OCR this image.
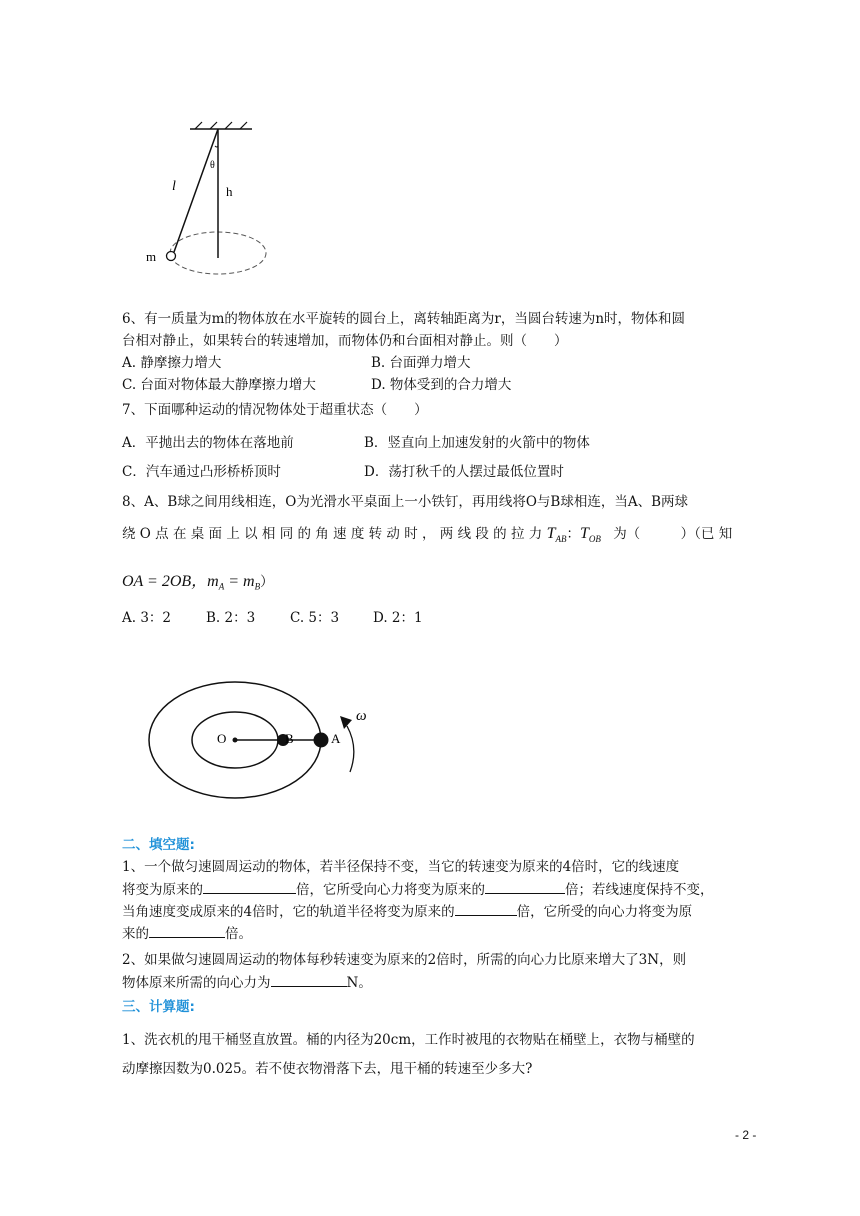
l
θ
h
m
6、有一质量为m的物体放在水平旋转的圆台上，离转轴距离为r，当圆台转速为n时，物体和圆
台相对静止，如果转台的转速增加，而物体仍和台面相对静止。则（　　）
A. 静摩擦力增大	B. 台面弹力增大
C. 台面对物体最大静摩擦力增大	D. 物体受到的合力增大
7、下面哪种运动的情况物体处于超重状态（　　）
A．平抛出去的物体在落地前	B．竖直向上加速发射的火箭中的物体
C．汽车通过凸形桥桥顶时	D．荡打秋千的人摆过最低位置时
8、A、B球之间用线相连，O为光滑水平桌面上一小铁钉，再用线将O与B球相连，当A、B两球
绕 O 点 在 桌 面 上 以 相 同 的 角 速 度 转 动 时 ， 两 线 段 的 拉 力 $T_{AB}$：$T_{OB}$ 为（　　　）（已 知
OA = 2OB，$m_A = m_B$）
A. 3：2	B. 2：3	C. 5：3	D. 2：1
O	B	A
ω
二、填空题:
1、一个做匀速圆周运动的物体，若半径保持不变，当它的转速变为原来的4倍时，它的线速度
将变为原来的	倍，它所受向心力将变为原来的	倍；若线速度保持不变，
当角速度变成原来的4倍时，它的轨道半径将变为原来的	倍，它所受的向心力将变为原
来的	倍。
2、如果做匀速圆周运动的物体每秒转速变为原来的2倍时，所需的向心力比原来增大了3N，则
物体原来所需的向心力为	N。
三、计算题:
1、洗衣机的甩干桶竖直放置。桶的内径为20cm，工作时被甩的衣物贴在桶壁上，衣物与桶壁的
动摩擦因数为0.025。若不使衣物滑落下去，甩干桶的转速至少多大?
- 2 -
